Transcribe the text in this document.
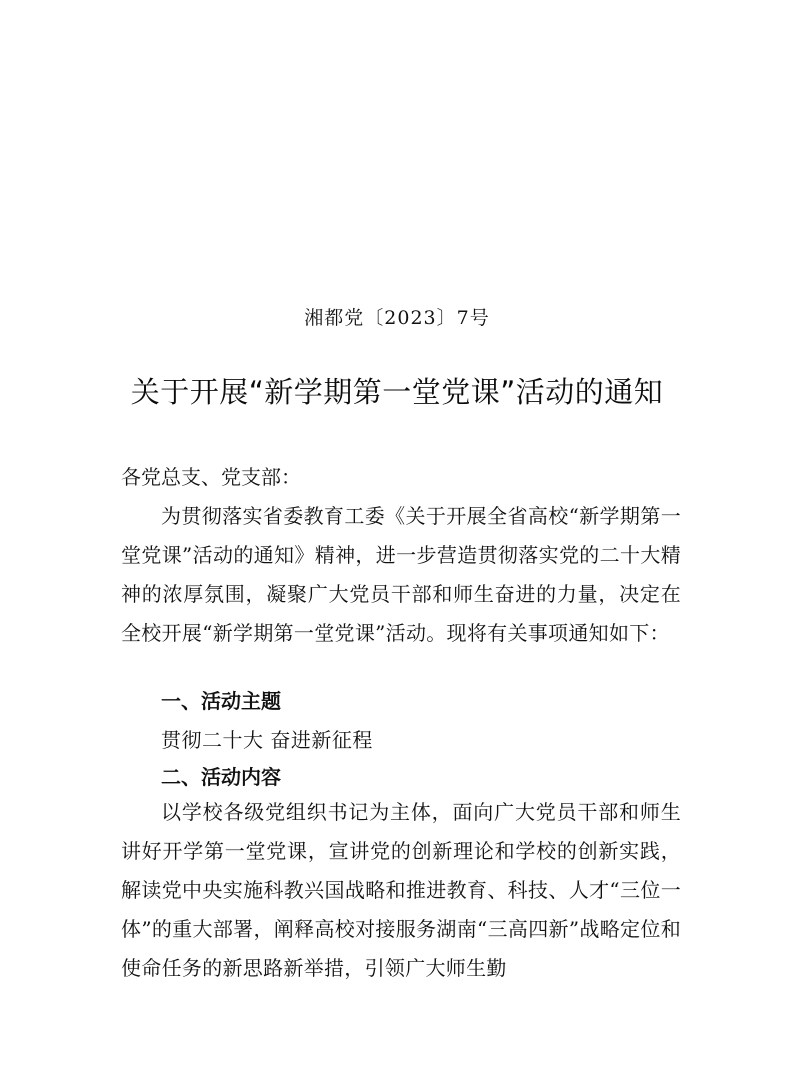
湘都党〔2023〕7号
关于开展“新学期第一堂党课”活动的通知
各党总支、党支部：
为贯彻落实省委教育工委《关于开展全省高校“新学期第一堂党课”活动的通知》精神，进一步营造贯彻落实党的二十大精神的浓厚氛围，凝聚广大党员干部和师生奋进的力量，决定在全校开展“新学期第一堂党课”活动。现将有关事项通知如下：
一、活动主题
贯彻二十大 奋进新征程
二、活动内容
以学校各级党组织书记为主体，面向广大党员干部和师生讲好开学第一堂党课，宣讲党的创新理论和学校的创新实践，解读党中央实施科教兴国战略和推进教育、科技、人才“三位一体”的重大部署，阐释高校对接服务湖南“三高四新”战略定位和使命任务的新思路新举措，引领广大师生勤
